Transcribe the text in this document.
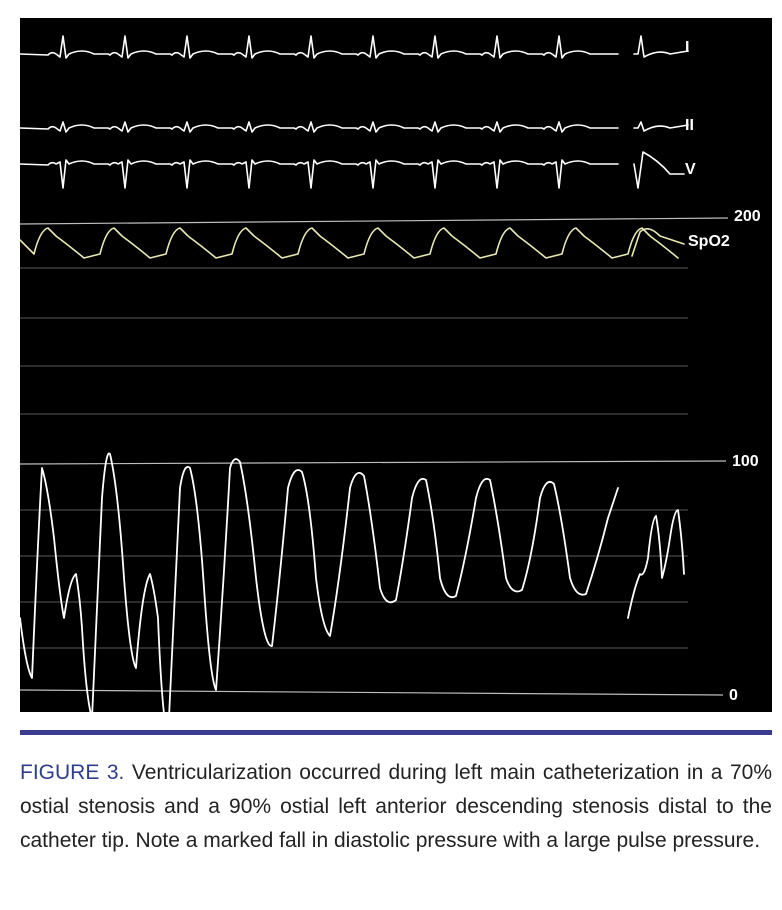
I
II
V
200
SpO2
100
0

FIGURE 3. Ventricularization occurred during left main catheterization in a 70% ostial stenosis and a 90% ostial left anterior descending stenosis distal to the catheter tip. Note a marked fall in diastolic pressure with a large pulse pressure.
